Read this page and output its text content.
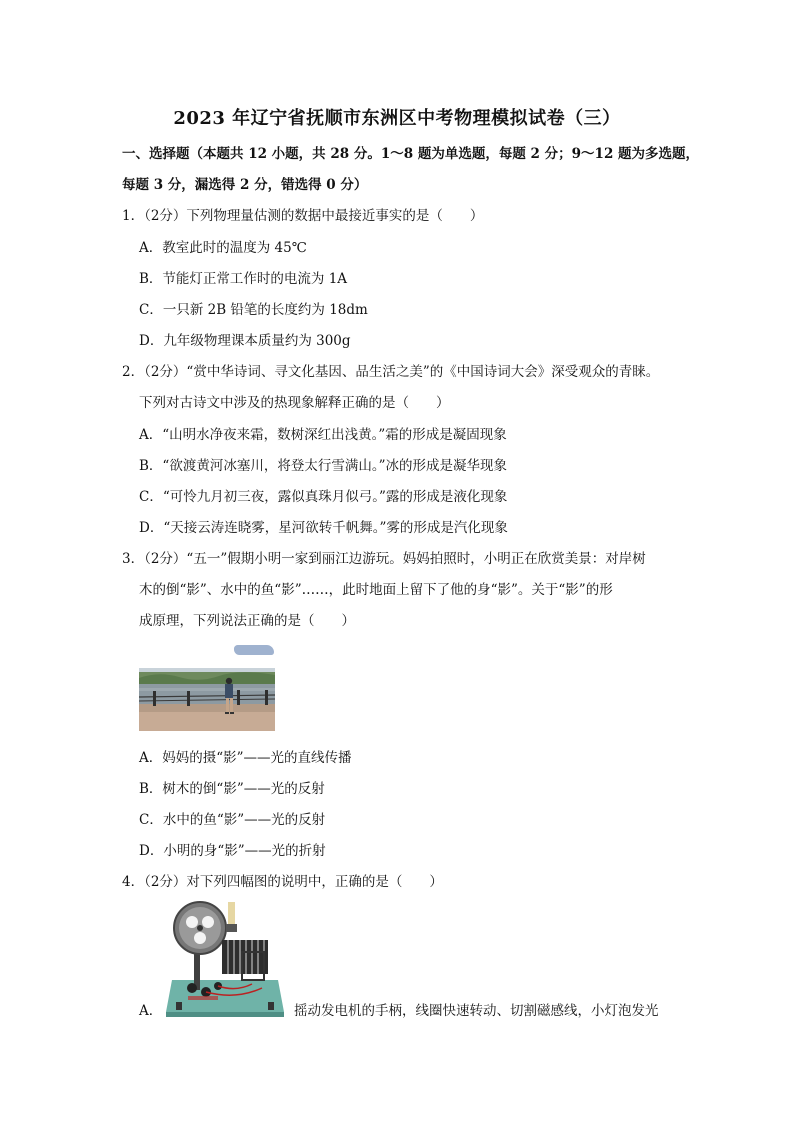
2023 年辽宁省抚顺市东洲区中考物理模拟试卷（三）
一、选择题（本题共 12 小题，共 28 分。1～8 题为单选题，每题 2 分；9～12 题为多选题，
每题 3 分，漏选得 2 分，错选得 0 分）
1．（2分）下列物理量估测的数据中最接近事实的是（　　）
A．教室此时的温度为 45℃
B．节能灯正常工作时的电流为 1A
C．一只新 2B 铅笔的长度约为 18dm
D．九年级物理课本质量约为 300g
2．（2分）“赏中华诗词、寻文化基因、品生活之美”的《中国诗词大会》深受观众的青睐。
下列对古诗文中涉及的热现象解释正确的是（　　）
A．“山明水净夜来霜，数树深红出浅黄。”霜的形成是凝固现象
B．“欲渡黄河冰塞川，将登太行雪满山。”冰的形成是凝华现象
C．“可怜九月初三夜，露似真珠月似弓。”露的形成是液化现象
D．“天接云涛连晓雾，星河欲转千帆舞。”雾的形成是汽化现象
3．（2分）“五一”假期小明一家到丽江边游玩。妈妈拍照时，小明正在欣赏美景：对岸树
木的倒“影”、水中的鱼“影”……，此时地面上留下了他的身“影”。关于“影”的形
成原理，下列说法正确的是（　　）
A．妈妈的摄“影”——光的直线传播
B．树木的倒“影”——光的反射
C．水中的鱼“影”——光的反射
D．小明的身“影”——光的折射
4．（2分）对下列四幅图的说明中，正确的是（　　）
A．	摇动发电机的手柄，线圈快速转动、切割磁感线，小灯泡发光
